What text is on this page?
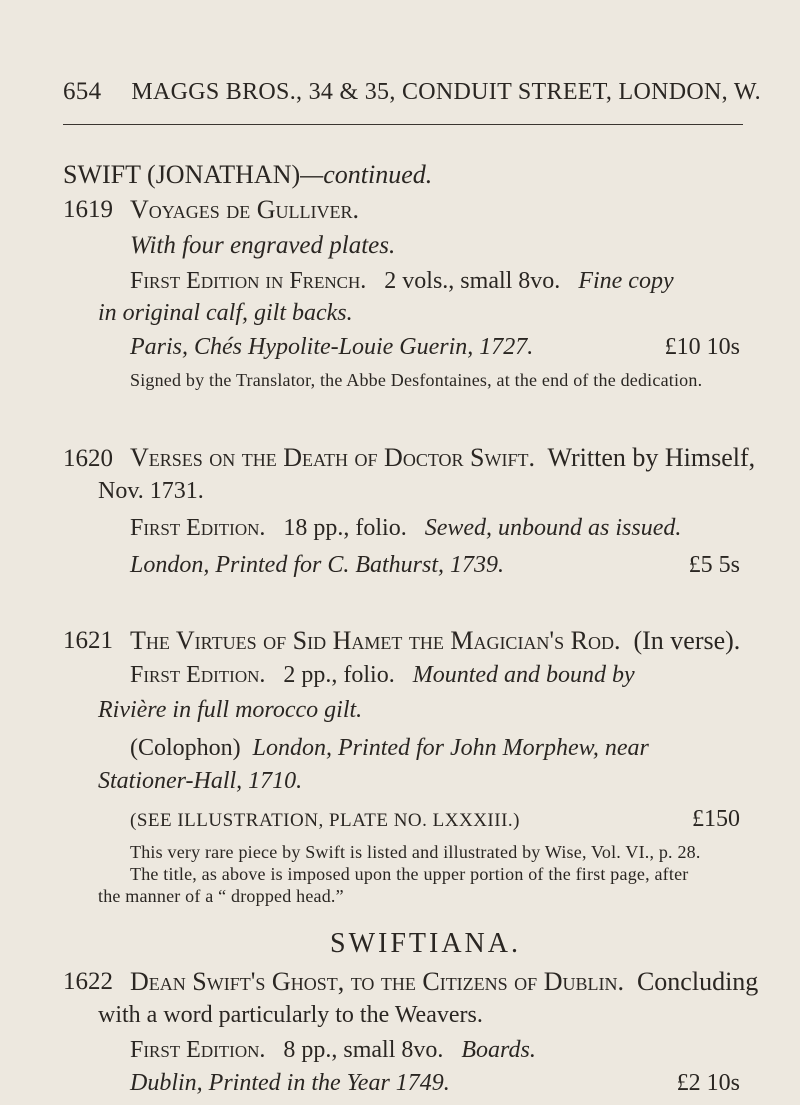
654 MAGGS BROS., 34 & 35, CONDUIT STREET, LONDON, W.
SWIFT (JONATHAN)—continued.
1619 Voyages de Gulliver.
With four engraved plates.
First Edition in French. 2 vols., small 8vo. Fine copy
in original calf, gilt backs.
Paris, Chés Hypolite-Louie Guerin, 1727.	£10 10s
Signed by the Translator, the Abbe Desfontaines, at the end of the dedication.
1620 Verses on the Death of Doctor Swift. Written by Himself,
Nov. 1731.
First Edition. 18 pp., folio. Sewed, unbound as issued.
London, Printed for C. Bathurst, 1739.	£5 5s
1621 The Virtues of Sid Hamet the Magician's Rod. (In verse).
First Edition. 2 pp., folio. Mounted and bound by
Rivière in full morocco gilt.
(Colophon) London, Printed for John Morphew, near
Stationer-Hall, 1710.
(SEE ILLUSTRATION, PLATE NO. LXXXIII.)	£150
This very rare piece by Swift is listed and illustrated by Wise, Vol. VI., p. 28.
The title, as above is imposed upon the upper portion of the first page, after
the manner of a “ dropped head.”
SWIFTIANA.
1622 Dean Swift's Ghost, to the Citizens of Dublin. Concluding
with a word particularly to the Weavers.
First Edition. 8 pp., small 8vo. Boards.
Dublin, Printed in the Year 1749.	£2 10s
